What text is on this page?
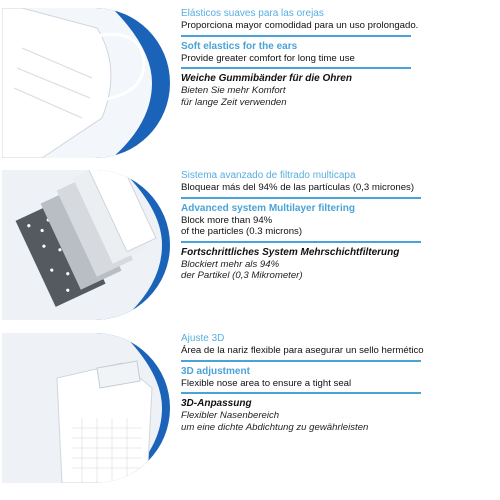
Elásticos suaves para las orejas
Proporciona mayor comodidad para un uso prolongado.
Soft elastics for the ears
Provide greater comfort for long time use
Weiche Gummibänder für die Ohren
Bieten Sie mehr Komfort
für lange Zeit verwenden
Sistema avanzado de filtrado multicapa
Bloquear más del 94% de las partículas (0,3 micrones)
Advanced system Multilayer filtering
Block more than 94%
of the particles (0.3 microns)
Fortschrittliches System Mehrschichtfilterung
Blockiert mehr als 94%
der Partikel (0,3 Mikrometer)
Ajuste 3D
Área de la nariz flexible para asegurar un sello hermético
3D adjustment
Flexible nose area to ensure a tight seal
3D-Anpassung
Flexibler Nasenbereich
um eine dichte Abdichtung zu gewährleisten
